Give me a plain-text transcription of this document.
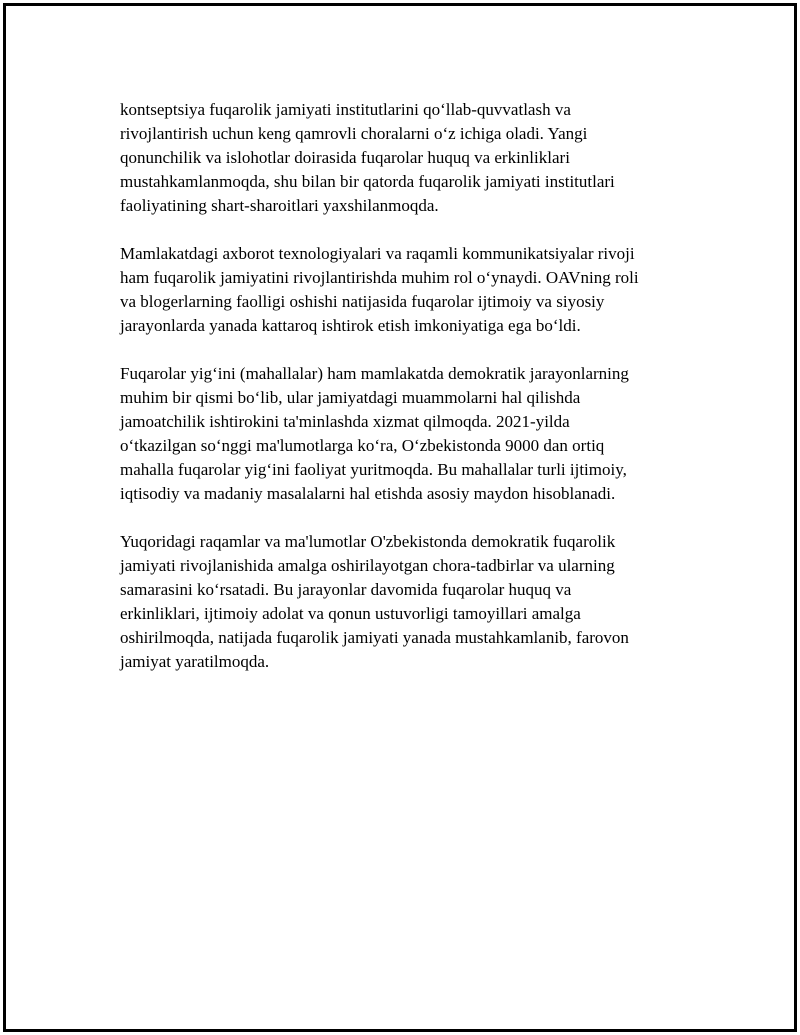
kontseptsiya fuqarolik jamiyati institutlarini qo‘llab-quvvatlash va
rivojlantirish uchun keng qamrovli choralarni o‘z ichiga oladi. Yangi
qonunchilik va islohotlar doirasida fuqarolar huquq va erkinliklari
mustahkamlanmoqda, shu bilan bir qatorda fuqarolik jamiyati institutlari
faoliyatining shart-sharoitlari yaxshilanmoqda.

Mamlakatdagi axborot texnologiyalari va raqamli kommunikatsiyalar rivoji
ham fuqarolik jamiyatini rivojlantirishda muhim rol o‘ynaydi. OAVning roli
va blogerlarning faolligi oshishi natijasida fuqarolar ijtimoiy va siyosiy
jarayonlarda yanada kattaroq ishtirok etish imkoniyatiga ega bo‘ldi.

Fuqarolar yig‘ini (mahallalar) ham mamlakatda demokratik jarayonlarning
muhim bir qismi bo‘lib, ular jamiyatdagi muammolarni hal qilishda
jamoatchilik ishtirokini ta'minlashda xizmat qilmoqda. 2021-yilda
o‘tkazilgan so‘nggi ma'lumotlarga ko‘ra, O‘zbekistonda 9000 dan ortiq
mahalla fuqarolar yig‘ini faoliyat yuritmoqda. Bu mahallalar turli ijtimoiy,
iqtisodiy va madaniy masalalarni hal etishda asosiy maydon hisoblanadi.

Yuqoridagi raqamlar va ma'lumotlar O'zbekistonda demokratik fuqarolik
jamiyati rivojlanishida amalga oshirilayotgan chora-tadbirlar va ularning
samarasini ko‘rsatadi. Bu jarayonlar davomida fuqarolar huquq va
erkinliklari, ijtimoiy adolat va qonun ustuvorligi tamoyillari amalga
oshirilmoqda, natijada fuqarolik jamiyati yanada mustahkamlanib, farovon
jamiyat yaratilmoqda.
